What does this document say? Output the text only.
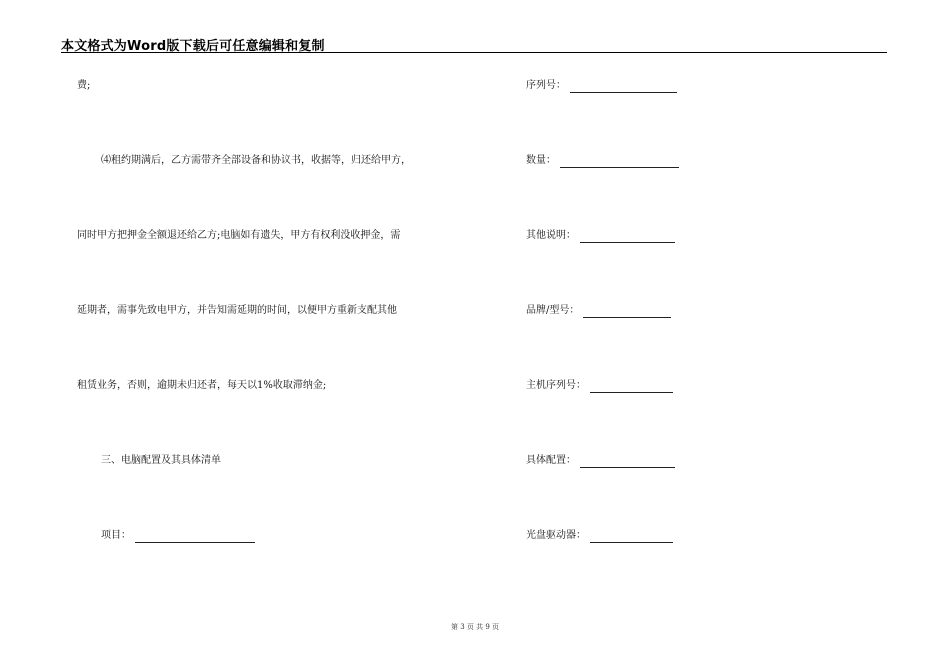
本文格式为Word版下载后可任意编辑和复制
费;
⑷租约期满后，乙方需带齐全部设备和协议书，收据等，归还给甲方，
同时甲方把押金全额退还给乙方;电脑如有遗失，甲方有权利没收押金，需
延期者，需事先致电甲方，并告知需延期的时间，以便甲方重新支配其他
租赁业务，否则，逾期未归还者，每天以1%收取滞纳金;
三、电脑配置及其具体清单
项目：
序列号：
数量：
其他说明：
品牌/型号：
主机序列号：
具体配置：
光盘驱动器：
第 3 页 共 9 页
